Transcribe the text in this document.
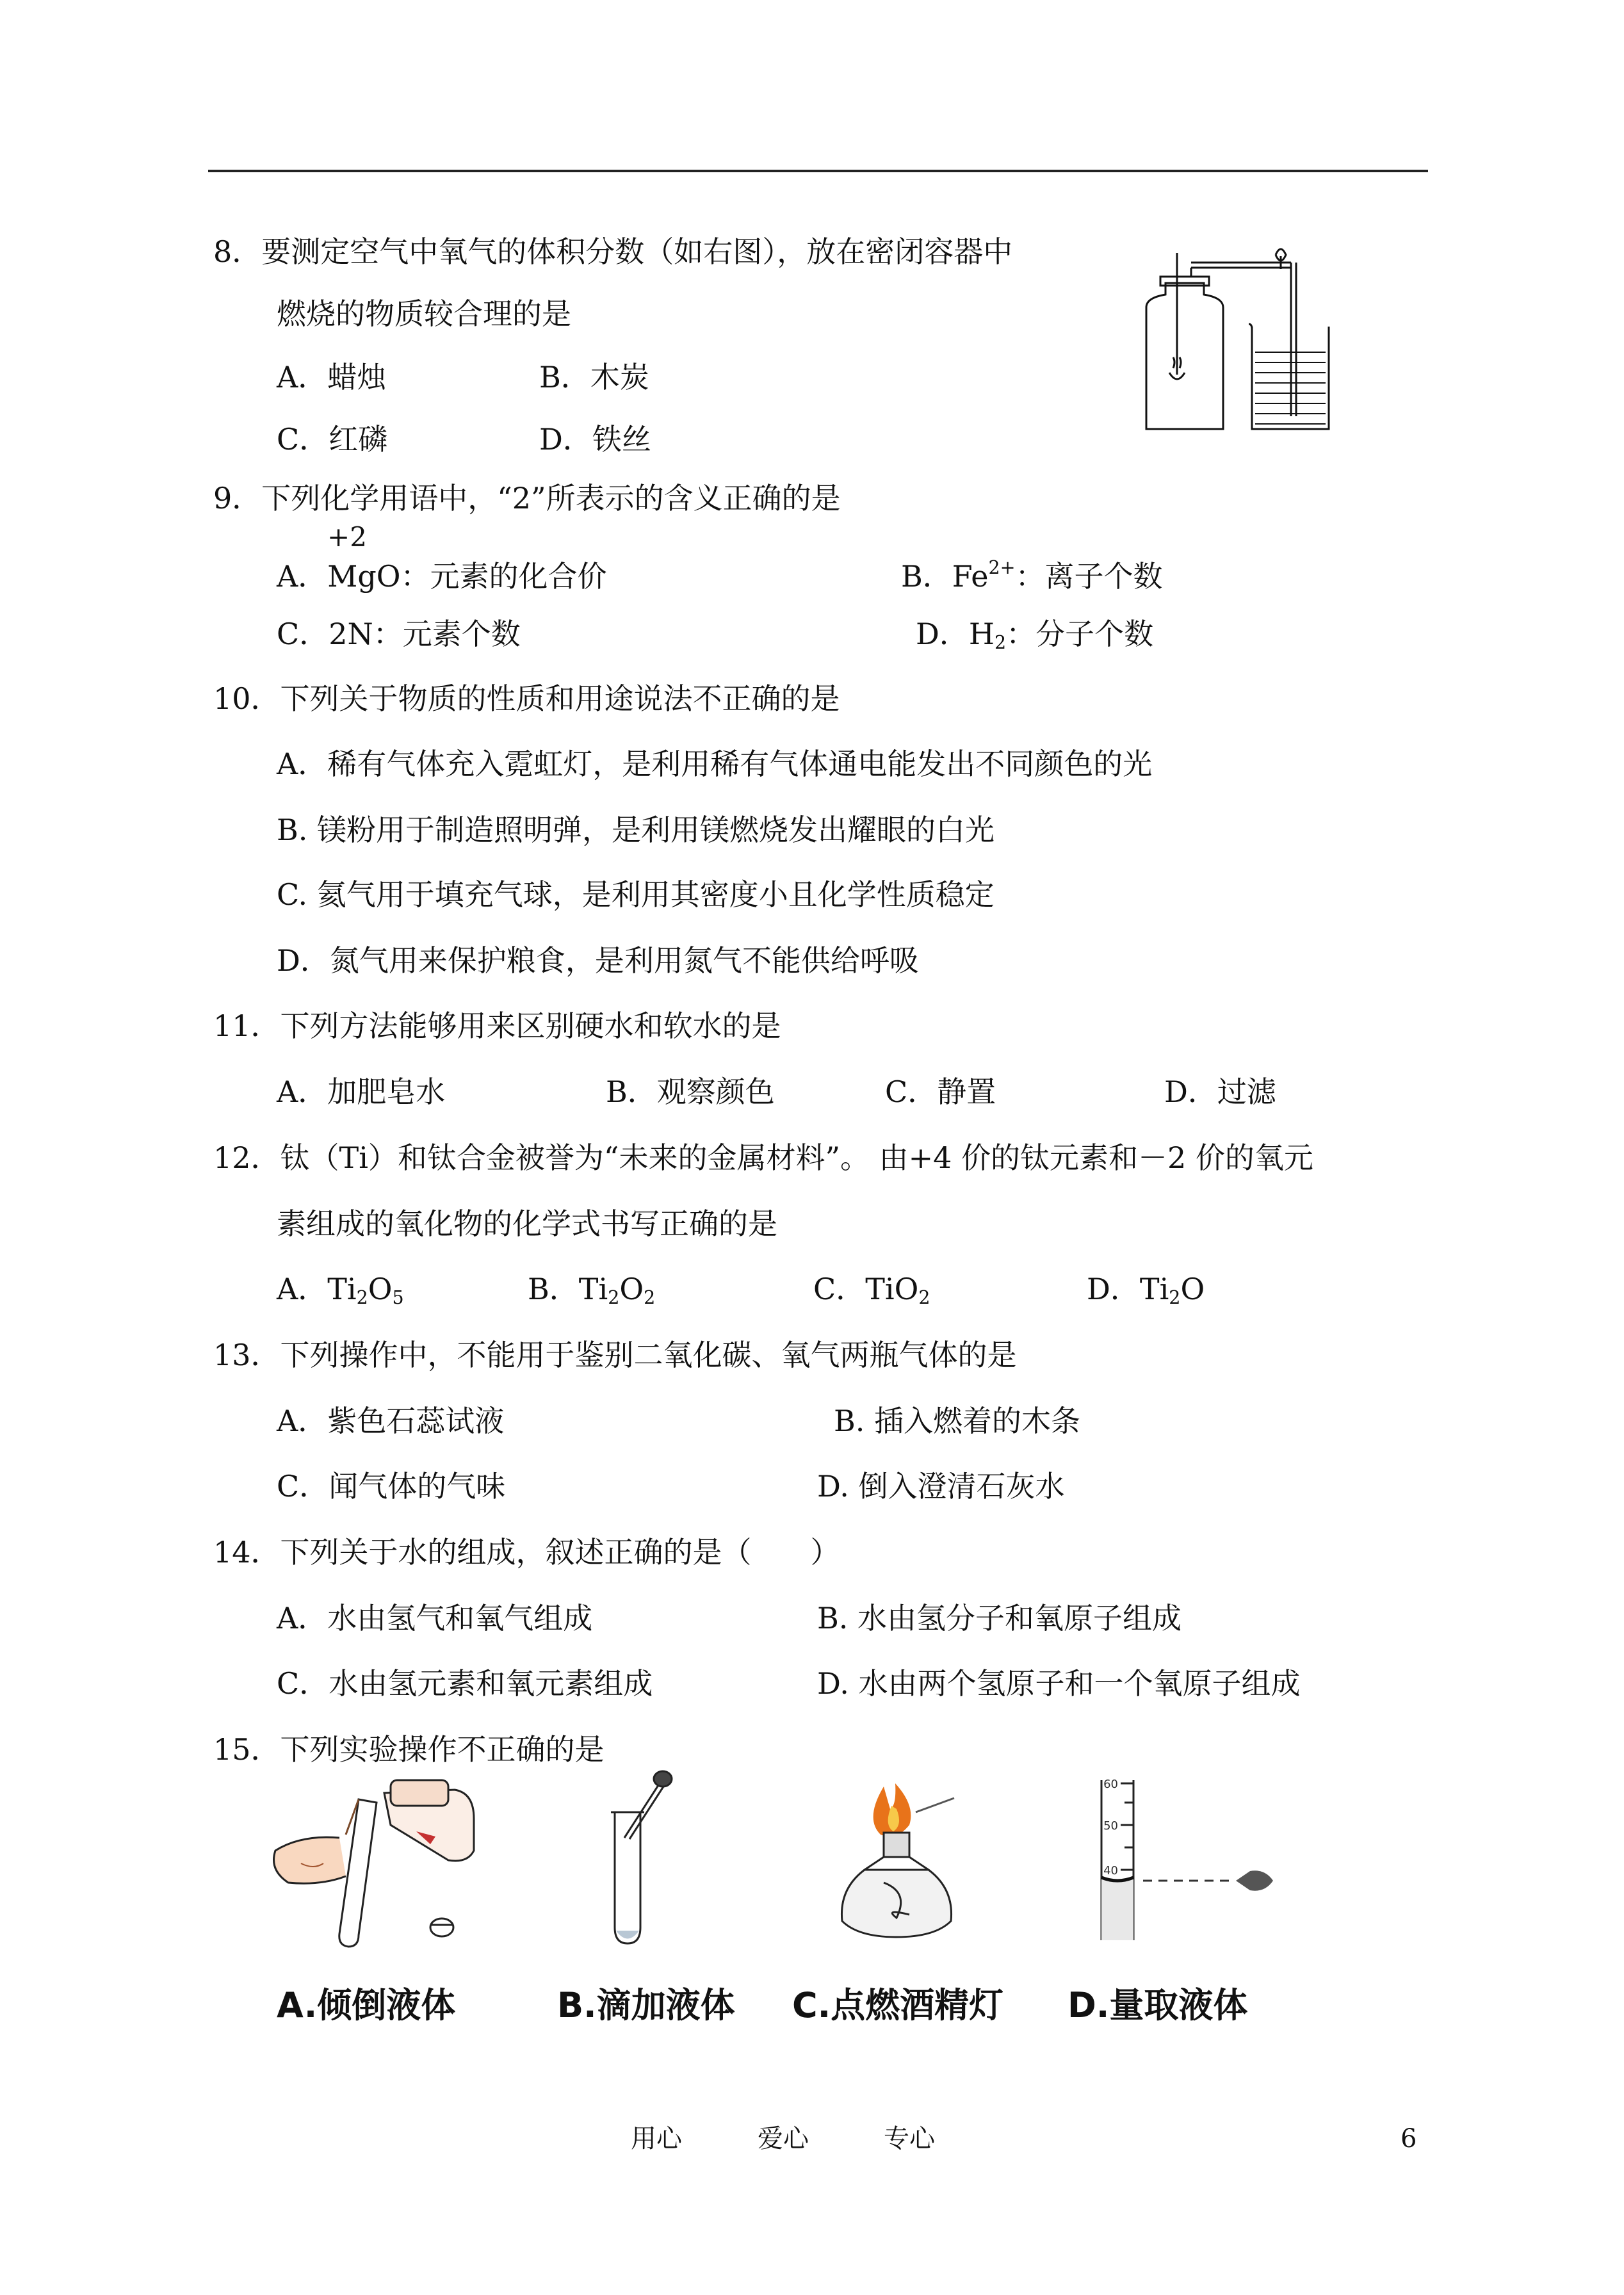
8．要测定空气中氧气的体积分数（如右图），放在密闭容器中
燃烧的物质较合理的是
A．蜡烛	B．木炭
C．红磷	D．铁丝
9．下列化学用语中，“2”所表示的含义正确的是
+2
A．MgO：元素的化合价	B．$Fe^{2+}$：离子个数
C．2N：元素个数	D．$H_2$：分子个数
10．下列关于物质的性质和用途说法不正确的是
A．稀有气体充入霓虹灯，是利用稀有气体通电能发出不同颜色的光
B. 镁粉用于制造照明弹，是利用镁燃烧发出耀眼的白光
C. 氦气用于填充气球，是利用其密度小且化学性质稳定
D．氮气用来保护粮食，是利用氮气不能供给呼吸
11．下列方法能够用来区别硬水和软水的是
A．加肥皂水	B．观察颜色	C．静置	D．过滤
12．钛（Ti）和钛合金被誉为“未来的金属材料”。 由+4 价的钛元素和－2 价的氧元
素组成的氧化物的化学式书写正确的是
A．$Ti_2O_5$	B．$Ti_2O_2$	C．TiO$_2$	D．$Ti_2O$
13．下列操作中，不能用于鉴别二氧化碳、氧气两瓶气体的是
A．紫色石蕊试液	B. 插入燃着的木条
C．闻气体的气味	D. 倒入澄清石灰水
14．下列关于水的组成，叙述正确的是（　　）
A．水由氢气和氧气组成	B. 水由氢分子和氧原子组成
C．水由氢元素和氧元素组成	D. 水由两个氢原子和一个氧原子组成
15．下列实验操作不正确的是
60
50
40
A.倾倒液体	B.滴加液体 C.点燃酒精灯 D.量取液体
用心	爱心	专心	6
